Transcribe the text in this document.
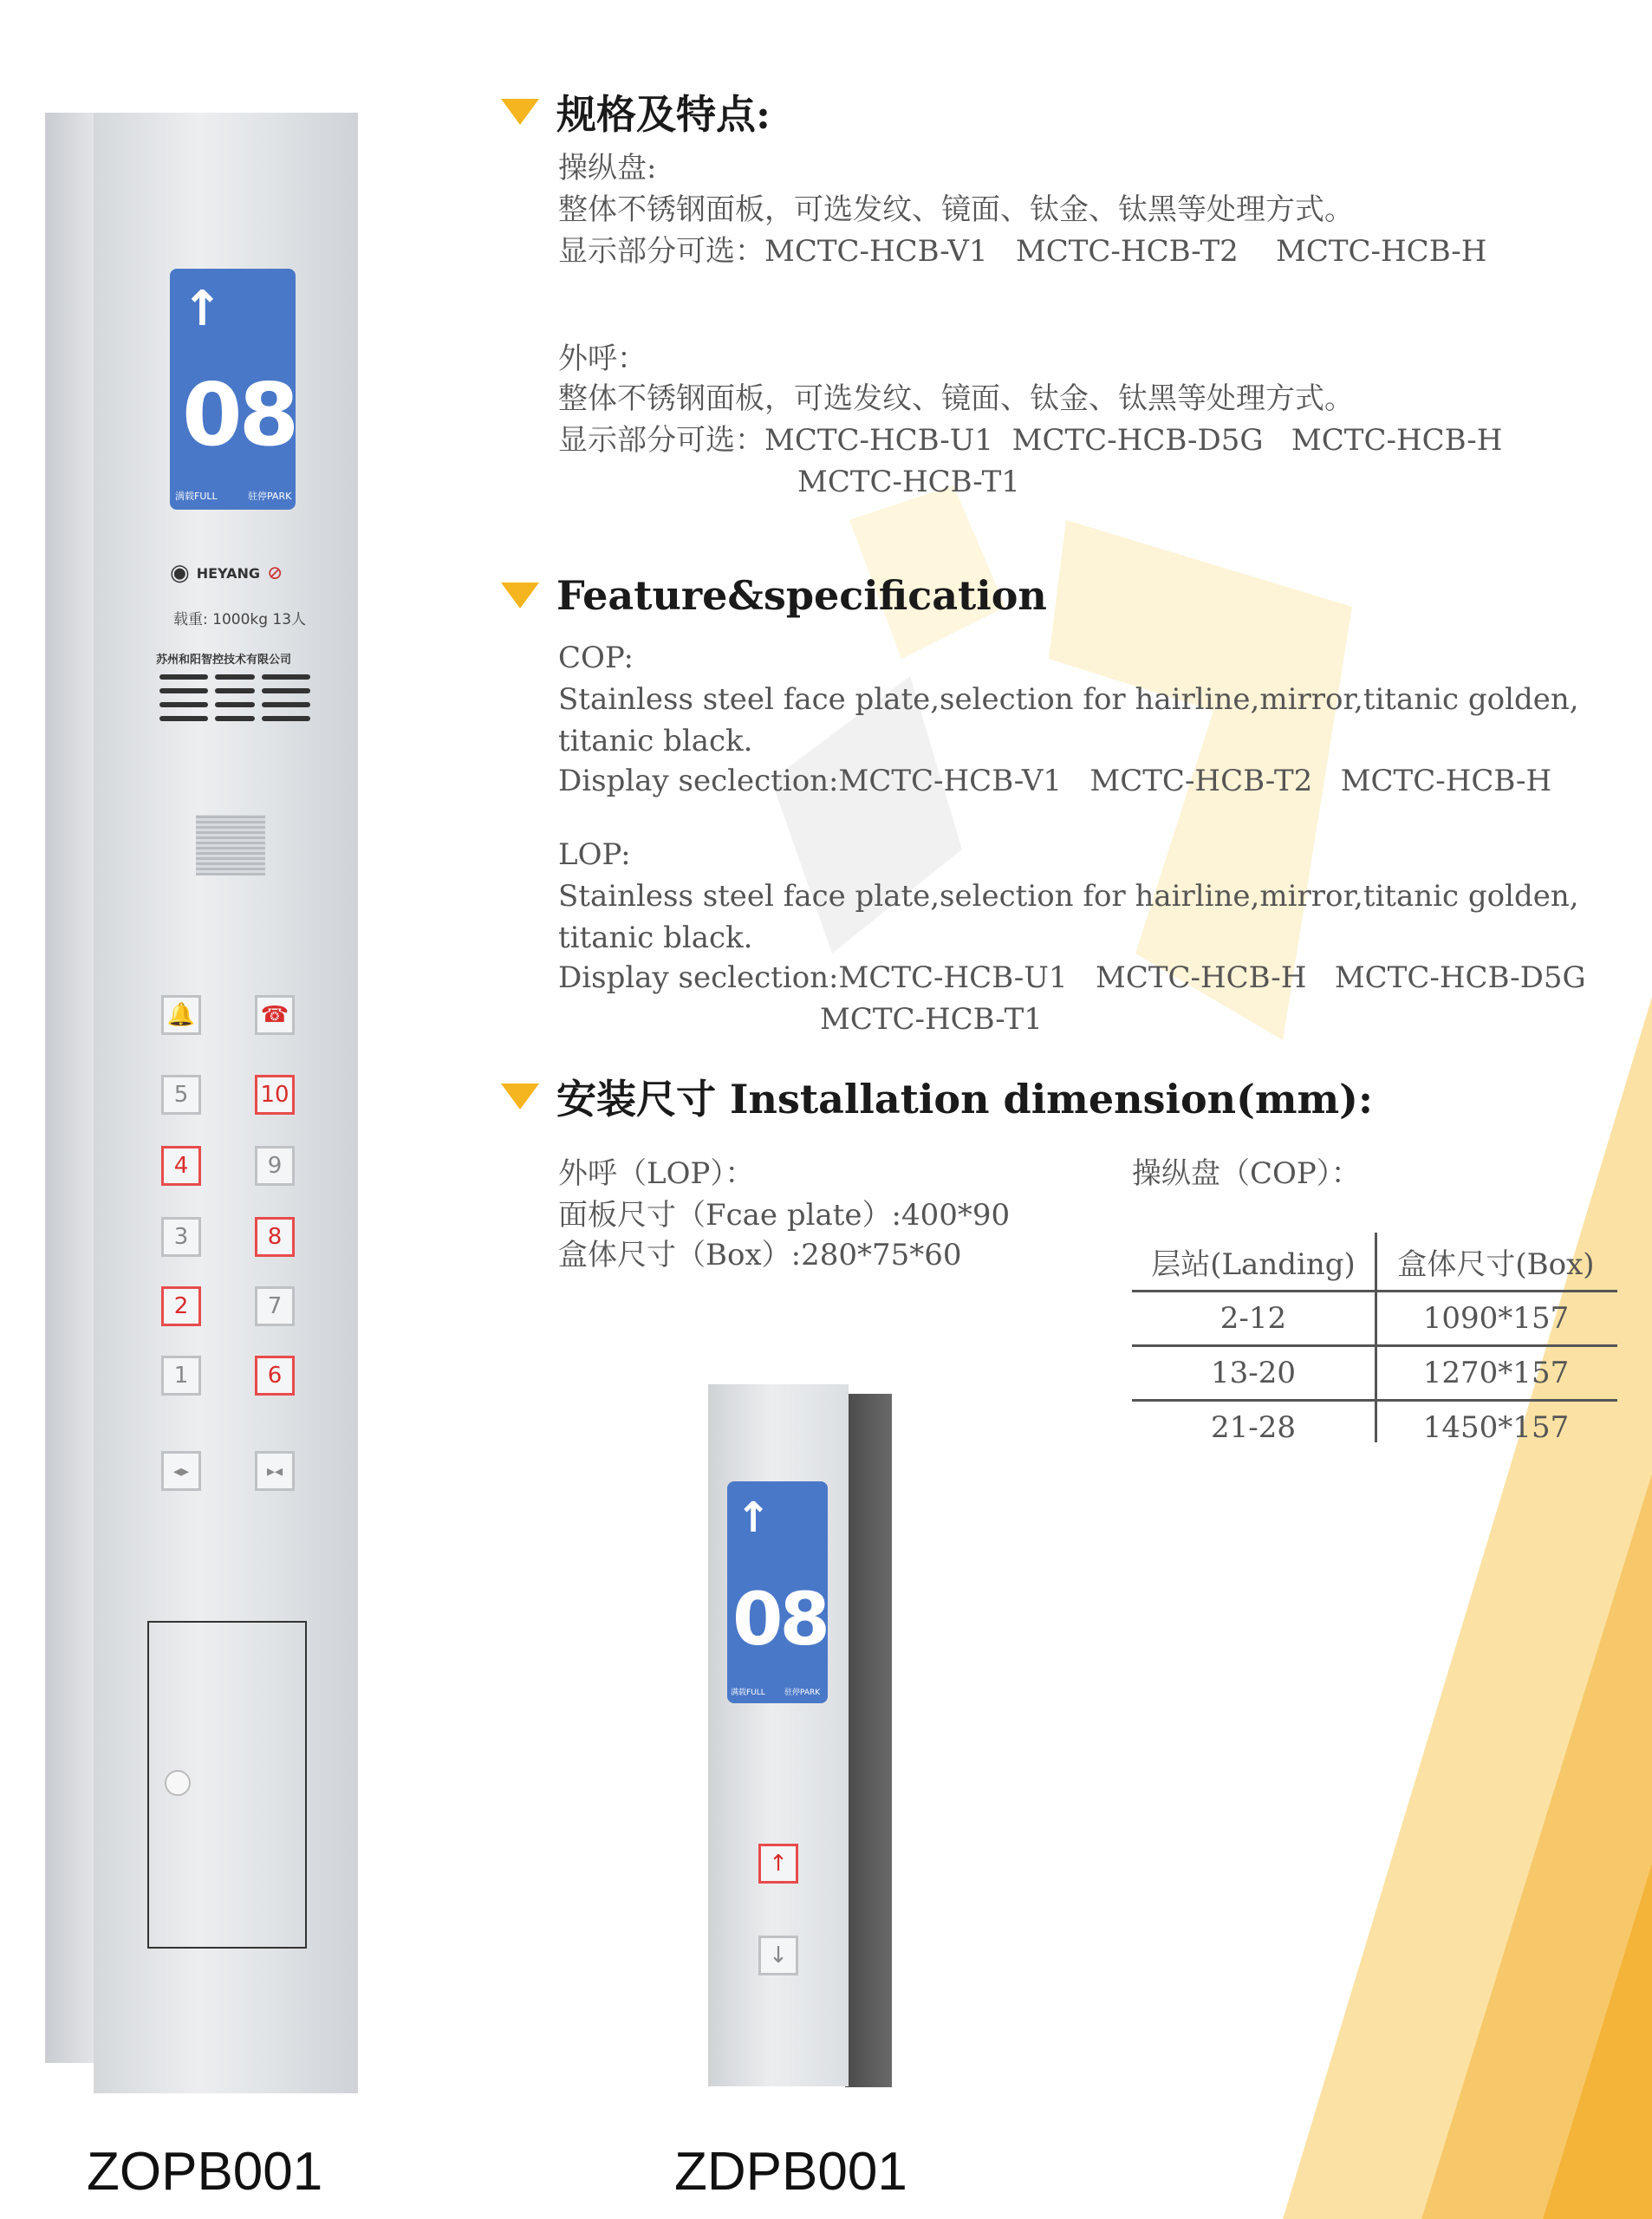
规格及特点:
操纵盘:
整体不锈钢面板，可选发纹、镜面、钛金、钛黑等处理方式。
显示部分可选：MCTC-HCB-V1   MCTC-HCB-T2    MCTC-HCB-H
外呼：
整体不锈钢面板，可选发纹、镜面、钛金、钛黑等处理方式。
显示部分可选：MCTC-HCB-U1  MCTC-HCB-D5G   MCTC-HCB-H
MCTC-HCB-T1
Feature&specification
COP:
Stainless steel face plate,selection for hairline,mirror,titanic golden,
titanic black.
Display seclection:MCTC-HCB-V1   MCTC-HCB-T2   MCTC-HCB-H
LOP:
Stainless steel face plate,selection for hairline,mirror,titanic golden,
titanic black.
Display seclection:MCTC-HCB-U1   MCTC-HCB-H   MCTC-HCB-D5G
MCTC-HCB-T1
安装尺寸 Installation dimension(mm):
外呼（LOP）：
面板尺寸（Fcae plate）:400*90
盒体尺寸（Box）:280*75*60
操纵盘（COP）：
层站(Landing)	盒体尺寸(Box)
2-12	1090*157
13-20	1270*157
21-28	1450*157
↑
08
满载FULL	驻停PARK
◉ HEYANG ⊘
载重: 1000kg 13人
苏州和阳智控技术有限公司
🔔	☎
5	10
4	9
3	8
2	7
1	6
◂▸	▸◂
ZOPB001
↑
08
满载FULL 驻停PARK
↑
↓
ZDPB001
